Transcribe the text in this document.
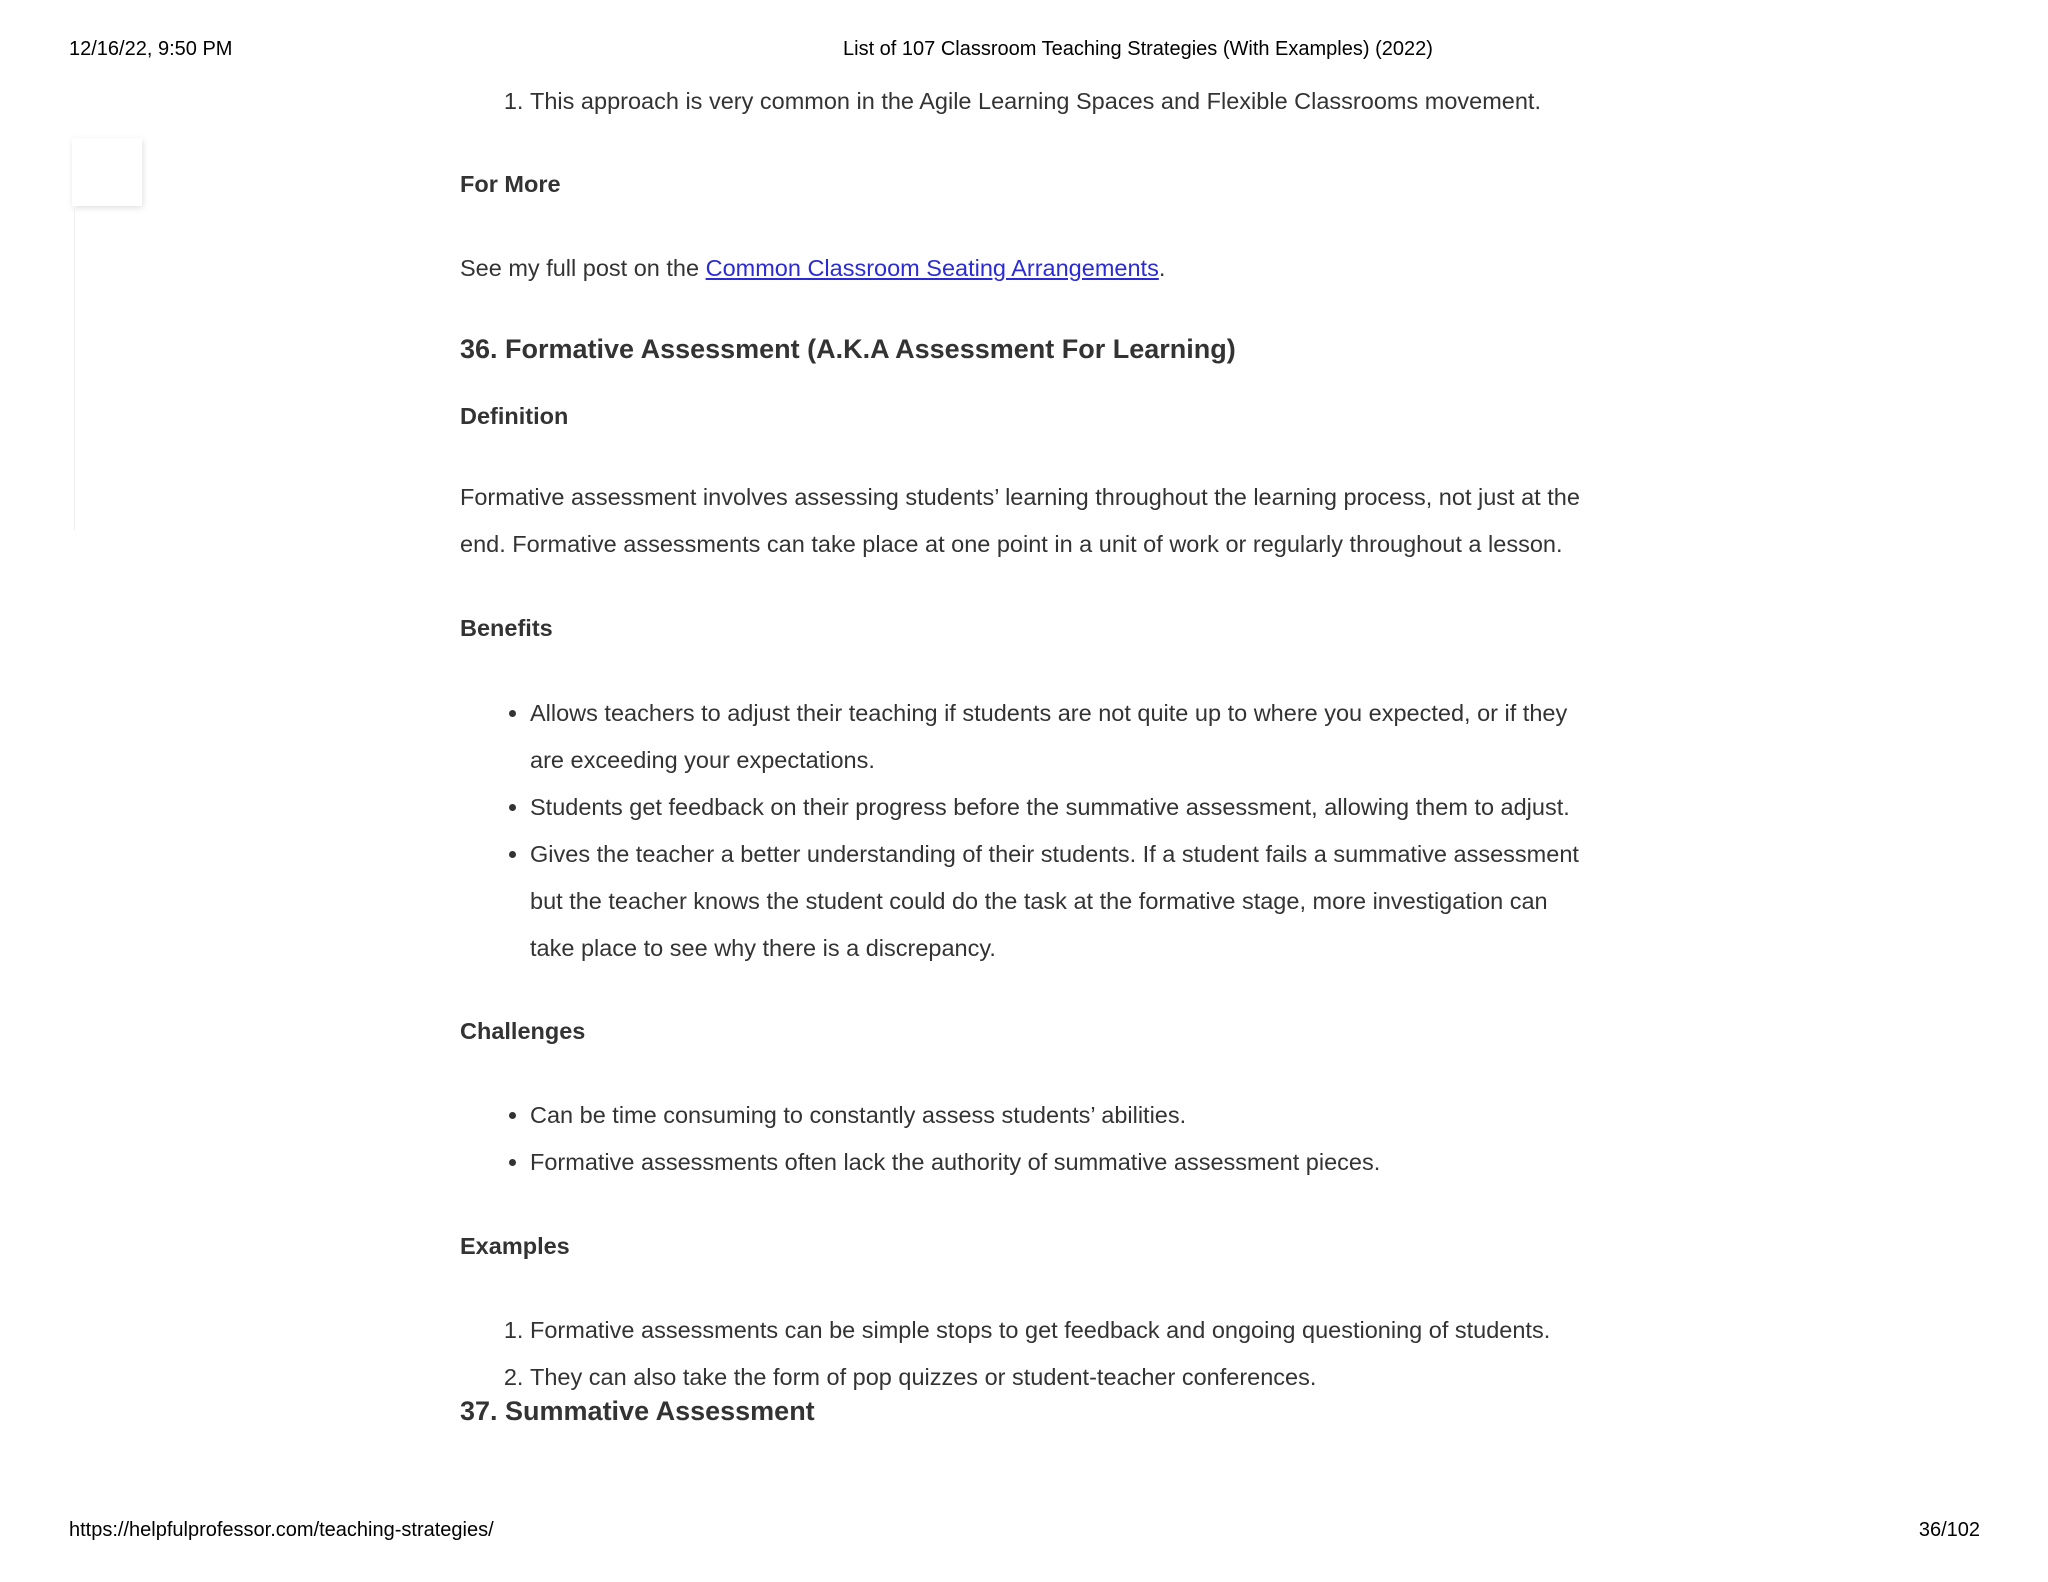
12/16/22, 9:50 PM	List of 107 Classroom Teaching Strategies (With Examples) (2022)
1. This approach is very common in the Agile Learning Spaces and Flexible Classrooms movement.
For More
See my full post on the Common Classroom Seating Arrangements.
36. Formative Assessment (A.K.A Assessment For Learning)
Definition

Formative assessment involves assessing students’ learning throughout the learning process, not just at the end. Formative assessments can take place at one point in a unit of work or regularly throughout a lesson.

Benefits
• Allows teachers to adjust their teaching if students are not quite up to where you expected, or if they are exceeding your expectations.
• Students get feedback on their progress before the summative assessment, allowing them to adjust.
• Gives the teacher a better understanding of their students. If a student fails a summative assessment but the teacher knows the student could do the task at the formative stage, more investigation can take place to see why there is a discrepancy.
Challenges
• Can be time consuming to constantly assess students’ abilities.
• Formative assessments often lack the authority of summative assessment pieces.
Examples
1. Formative assessments can be simple stops to get feedback and ongoing questioning of students.
2. They can also take the form of pop quizzes or student-teacher conferences.
37. Summative Assessment
https://helpfulprofessor.com/teaching-strategies/	36/102
